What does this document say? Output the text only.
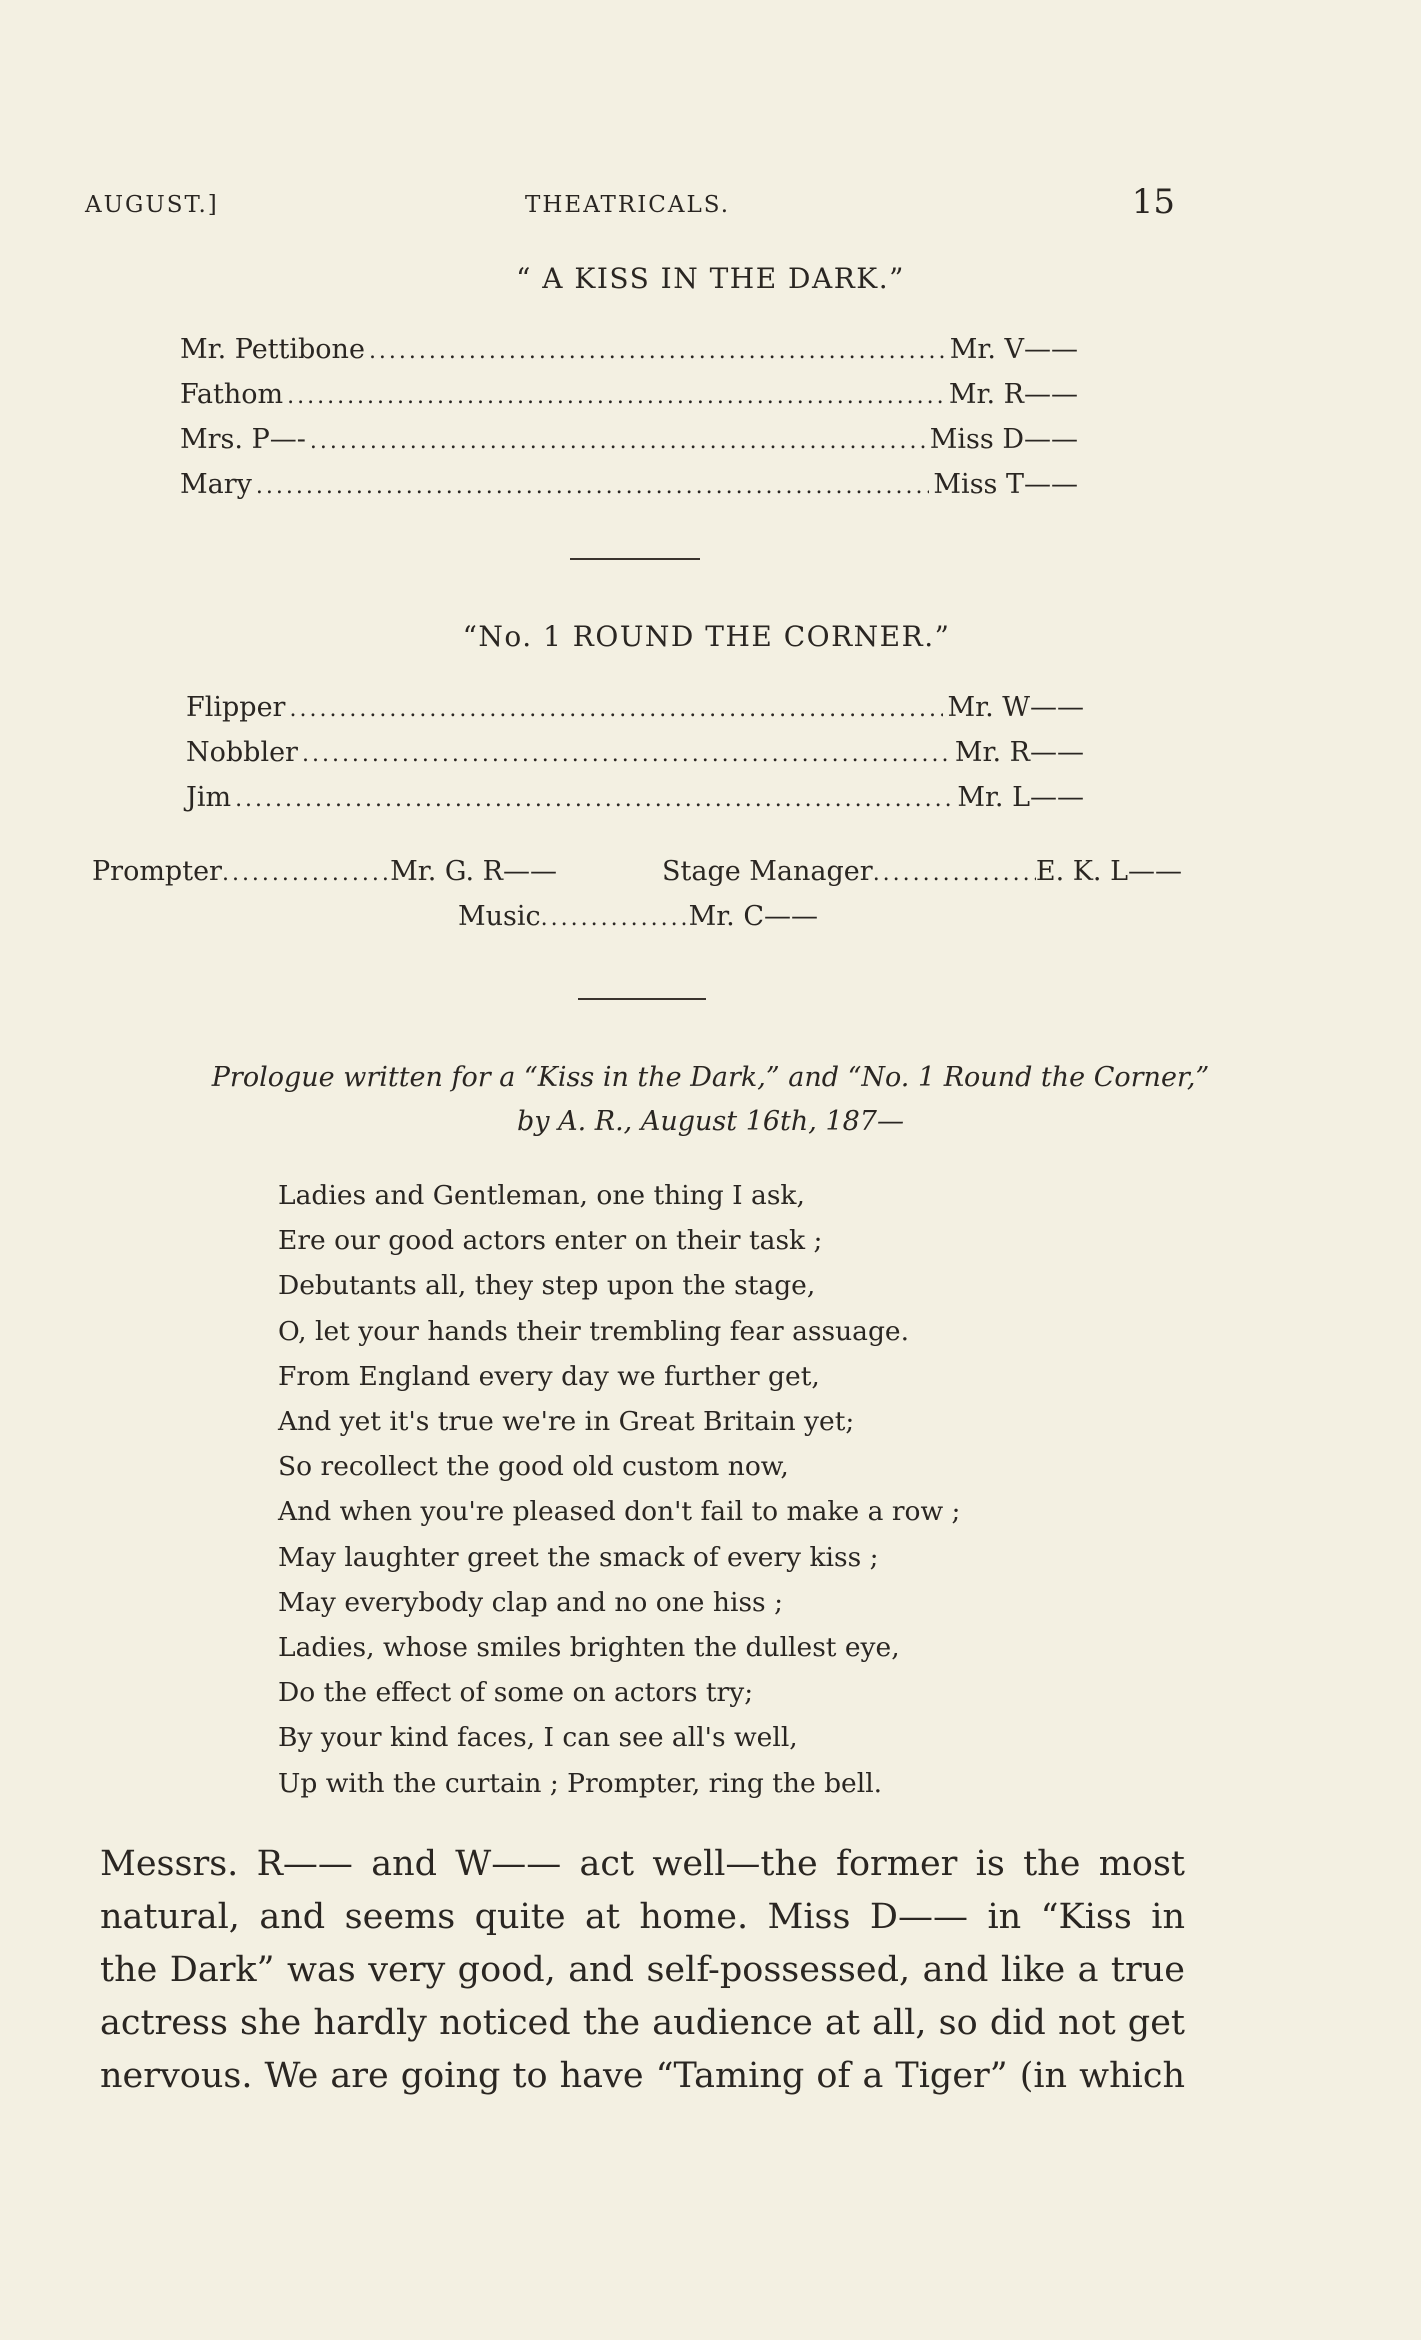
AUGUST.]	THEATRICALS.	15
“ A KISS IN THE DARK.”
Mr. Pettibone .....	Mr. V——
Fathom .....	Mr. R——
Mrs. P—- .....	Miss D——
Mary .....	Miss T——
“No. 1 ROUND THE CORNER.”
Flipper .....	Mr. W——
Nobbler .....	Mr. R——
Jim .....	Mr. L——
Prompter .....	Mr. G. R——	Stage Manager .....	E. K. L——
Music .....	Mr. C——
Prologue written for a “Kiss in the Dark,” and “No. 1 Round the Corner,”
by A. R., August 16th, 187—
Ladies and Gentleman, one thing I ask,
Ere our good actors enter on their task ;
Debutants all, they step upon the stage,
O, let your hands their trembling fear assuage.
From England every day we further get,
And yet it's true we're in Great Britain yet;
So recollect the good old custom now,
And when you're pleased don't fail to make a row ;
May laughter greet the smack of every kiss ;
May everybody clap and no one hiss ;
Ladies, whose smiles brighten the dullest eye,
Do the effect of some on actors try;
By your kind faces, I can see all's well,
Up with the curtain ; Prompter, ring the bell.
Messrs. R—— and W—— act well—the former is the most
natural, and seems quite at home. Miss D—— in “Kiss in
the Dark” was very good, and self-possessed, and like a true
actress she hardly noticed the audience at all, so did not get
nervous. We are going to have “Taming of a Tiger” (in which
